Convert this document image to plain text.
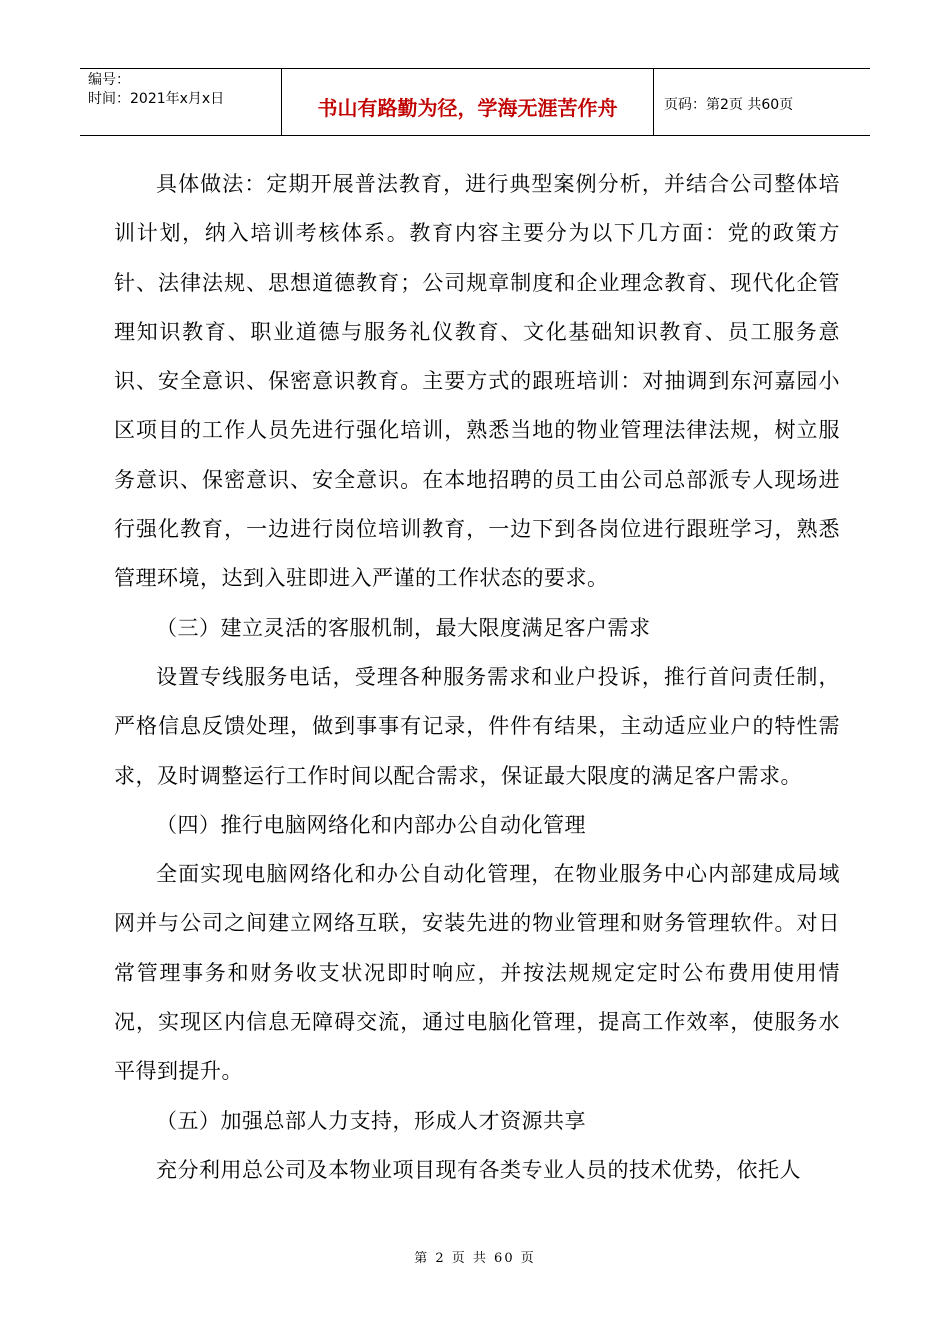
编号：
时间：2021年x月x日	书山有路勤为径，学海无涯苦作舟	页码：第2页 共60页

具体做法：定期开展普法教育，进行典型案例分析，并结合公司整体培训计划，纳入培训考核体系。教育内容主要分为以下几方面：党的政策方针、法律法规、思想道德教育；公司规章制度和企业理念教育、现代化企管理知识教育、职业道德与服务礼仪教育、文化基础知识教育、员工服务意识、安全意识、保密意识教育。主要方式的跟班培训：对抽调到东河嘉园小区项目的工作人员先进行强化培训，熟悉当地的物业管理法律法规，树立服务意识、保密意识、安全意识。在本地招聘的员工由公司总部派专人现场进行强化教育，一边进行岗位培训教育，一边下到各岗位进行跟班学习，熟悉管理环境，达到入驻即进入严谨的工作状态的要求。

（三）建立灵活的客服机制，最大限度满足客户需求

设置专线服务电话，受理各种服务需求和业户投诉，推行首问责任制，严格信息反馈处理，做到事事有记录，件件有结果，主动适应业户的特性需求，及时调整运行工作时间以配合需求，保证最大限度的满足客户需求。

（四）推行电脑网络化和内部办公自动化管理

全面实现电脑网络化和办公自动化管理，在物业服务中心内部建成局域网并与公司之间建立网络互联，安装先进的物业管理和财务管理软件。对日常管理事务和财务收支状况即时响应，并按法规规定定时公布费用使用情况，实现区内信息无障碍交流，通过电脑化管理，提高工作效率，使服务水平得到提升。

（五）加强总部人力支持，形成人才资源共享

充分利用总公司及本物业项目现有各类专业人员的技术优势，依托人

第 2 页 共 60 页
